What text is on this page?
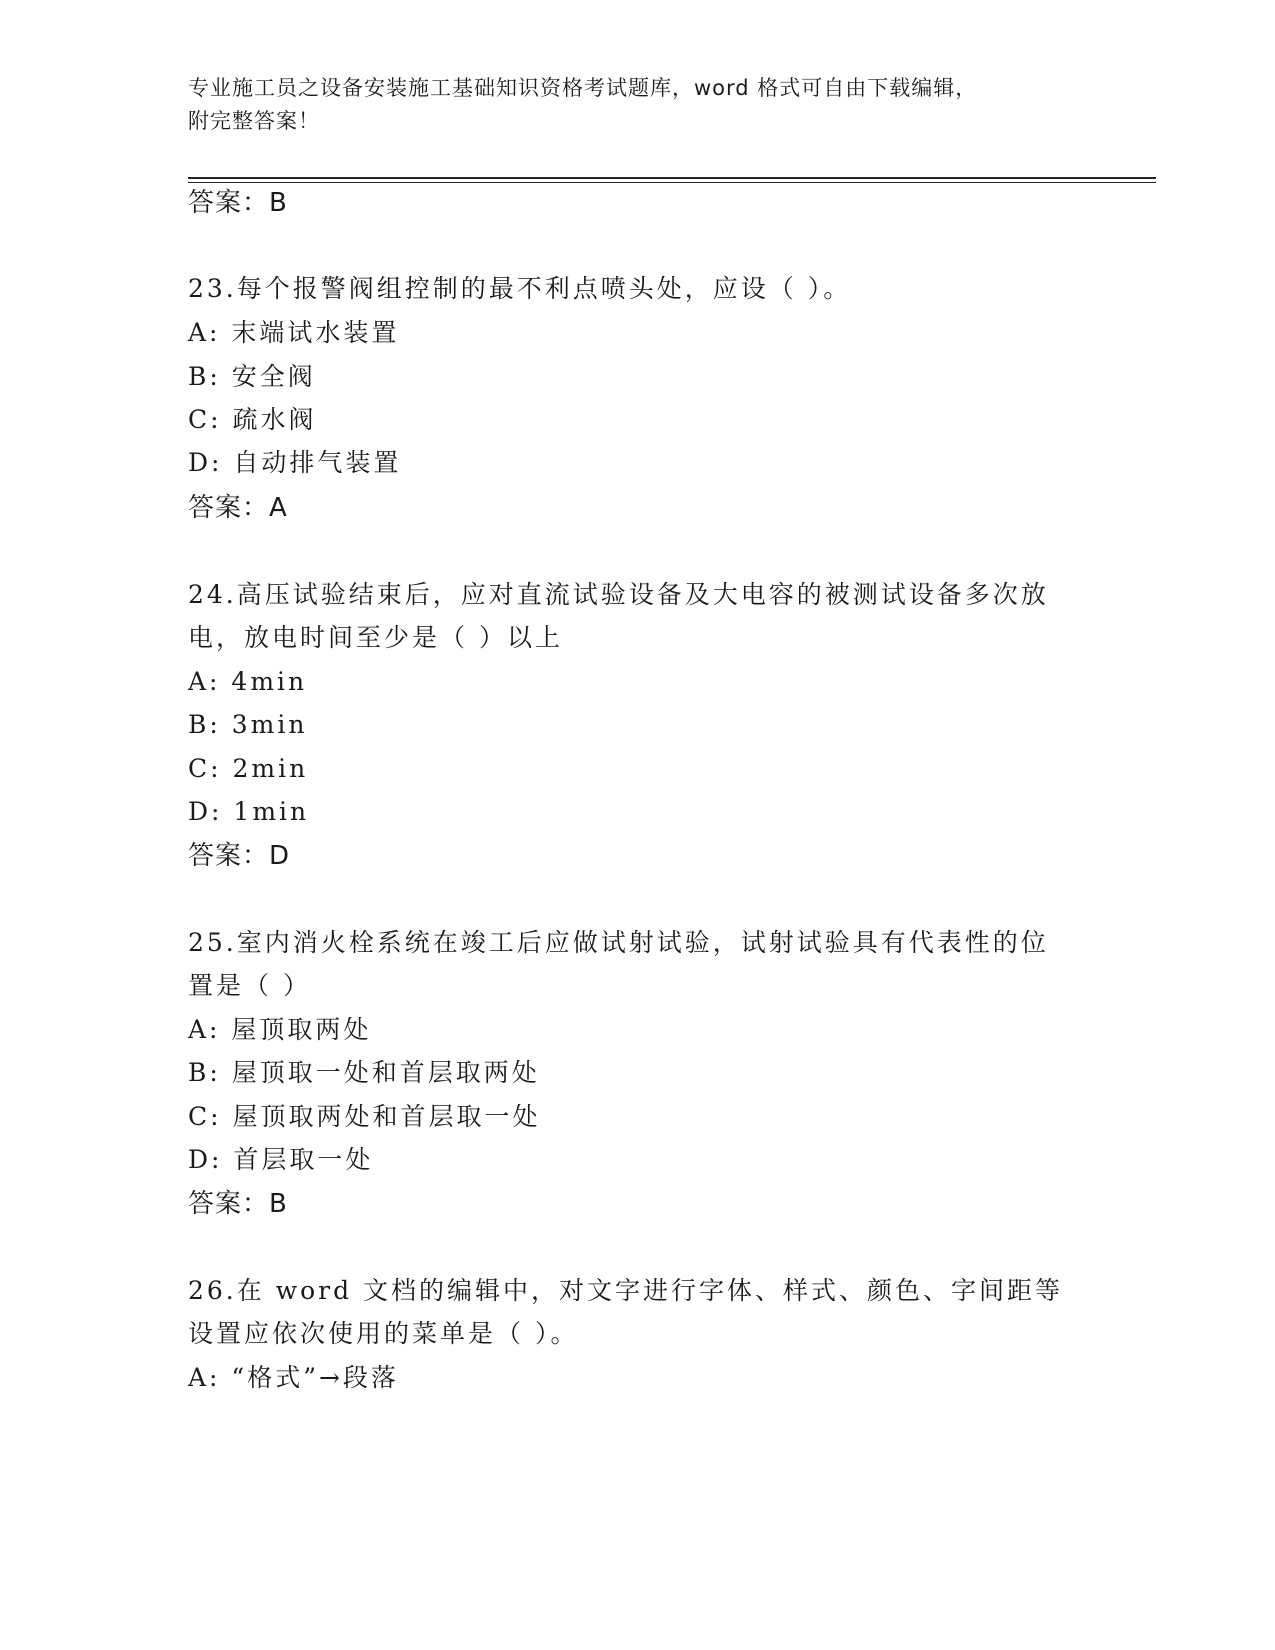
专业施工员之设备安装施工基础知识资格考试题库，word 格式可自由下载编辑，
附完整答案！
答案：B
23.每个报警阀组控制的最不利点喷头处，应设（ ）。
A: 末端试水装置
B: 安全阀
C: 疏水阀
D: 自动排气装置
答案：A
24.高压试验结束后，应对直流试验设备及大电容的被测试设备多次放
电，放电时间至少是（ ）以上
A: 4min
B: 3min
C: 2min
D: 1min
答案：D
25.室内消火栓系统在竣工后应做试射试验，试射试验具有代表性的位
置是（ ）
A: 屋顶取两处
B: 屋顶取一处和首层取两处
C: 屋顶取两处和首层取一处
D: 首层取一处
答案：B
26.在 word 文档的编辑中，对文字进行字体、样式、颜色、字间距等
设置应依次使用的菜单是（ ）。
A: “格式”→段落
